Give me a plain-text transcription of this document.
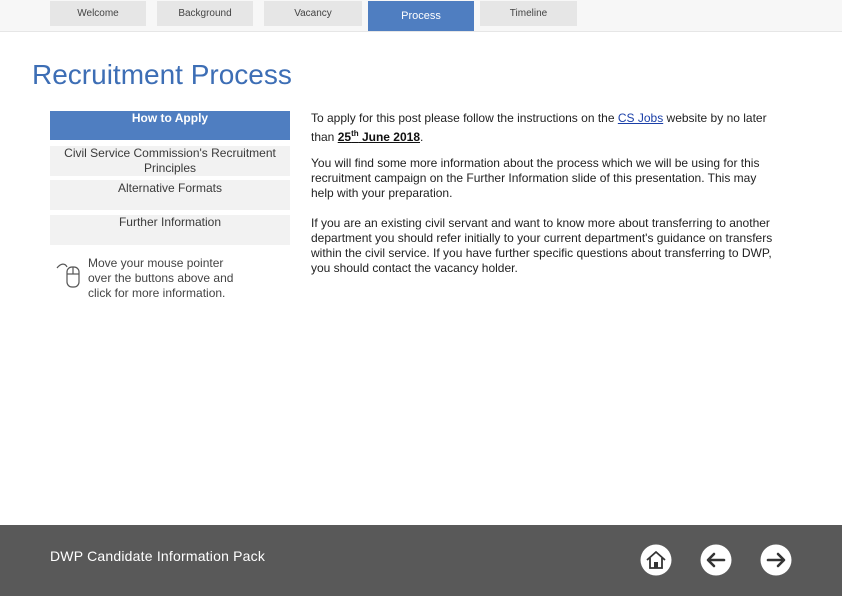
Welcome	Background	Vacancy	Process	Timeline
Recruitment Process
How to Apply
Civil Service Commission's Recruitment Principles
Alternative Formats
Further Information
Move your mouse pointer over the buttons above and click for more information.
To apply for this post please follow the instructions on the CS Jobs website by no later than 25th June 2018.
You will find some more information about the process which we will be using for this recruitment campaign on the Further Information slide of this presentation. This may help with your preparation.
If you are an existing civil servant and want to know more about transferring to another department you should refer initially to your current department's guidance on transfers within the civil service. If you have further specific questions about transferring to DWP, you should contact the vacancy holder.
DWP Candidate Information Pack
